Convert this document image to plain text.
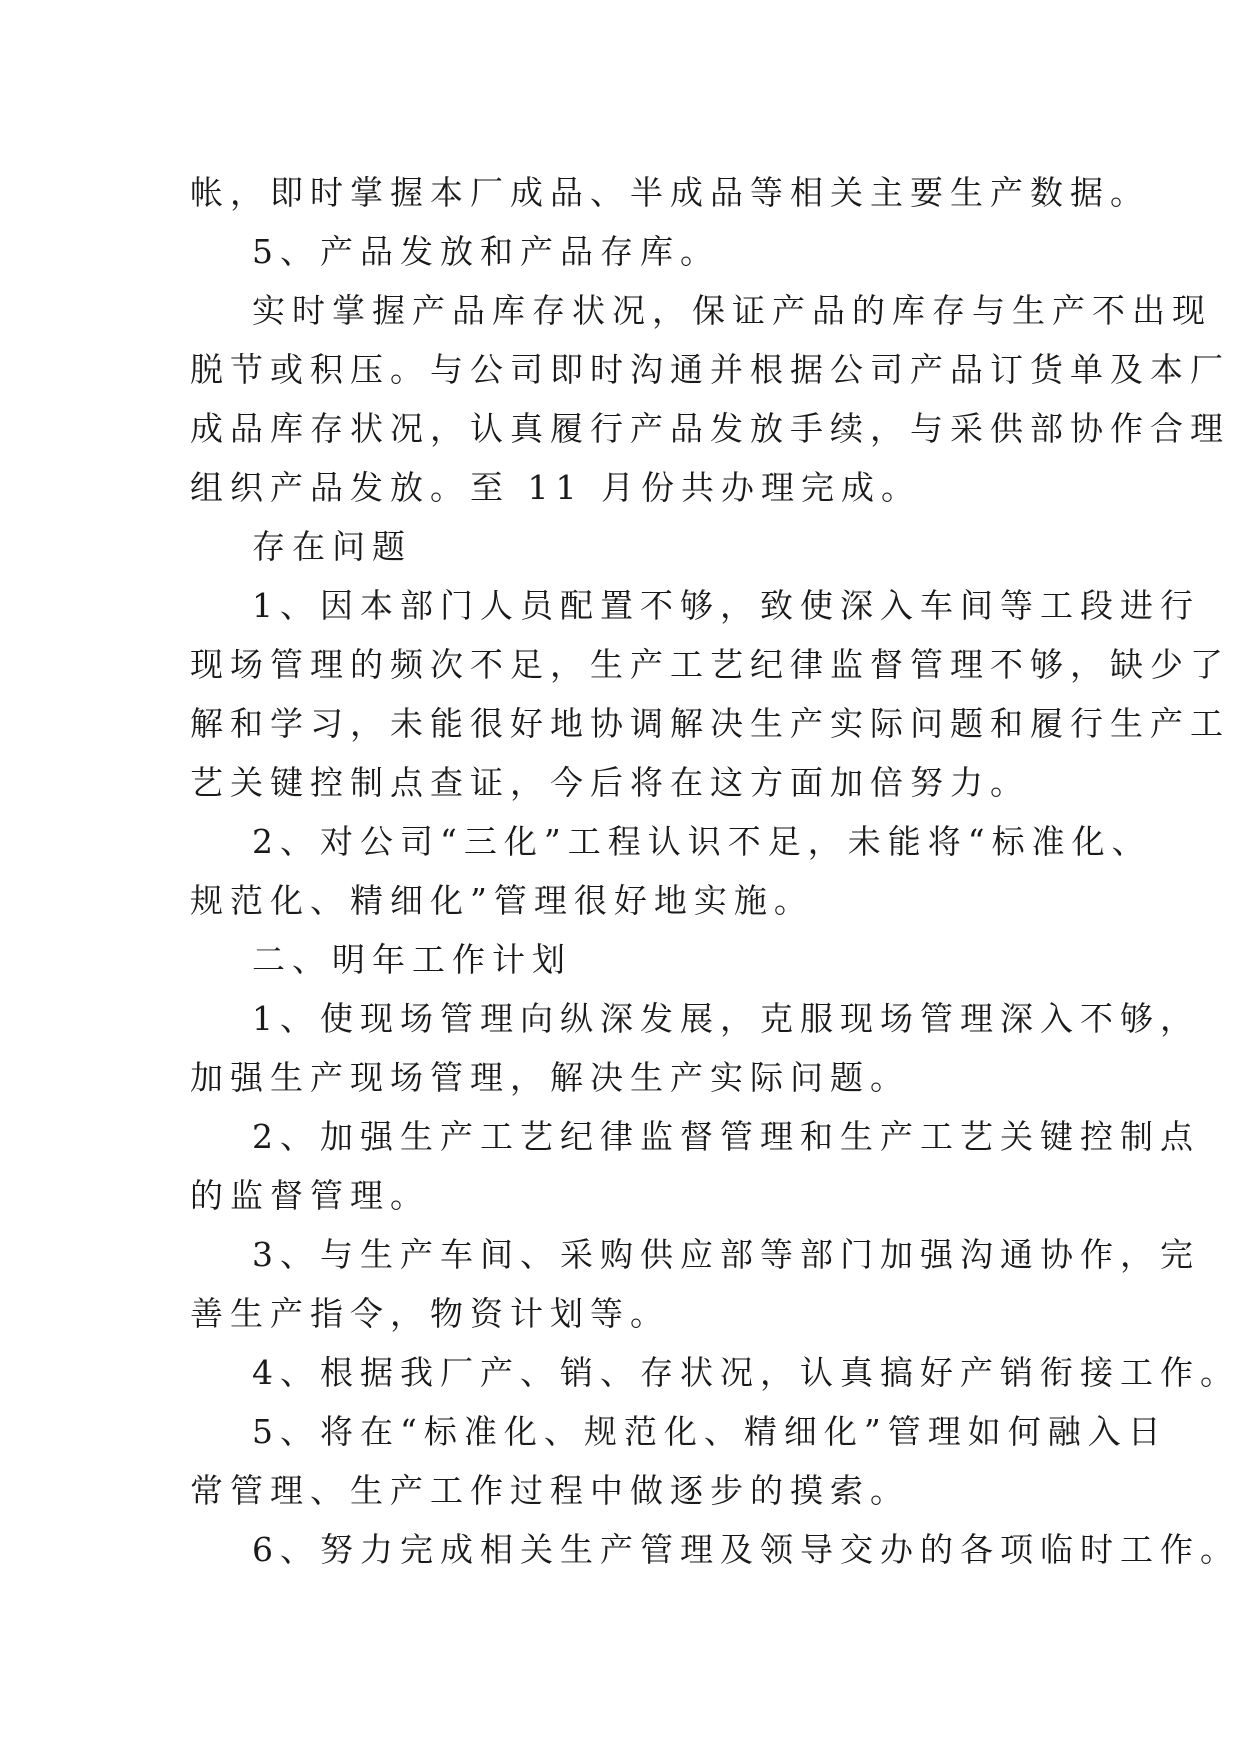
帐，即时掌握本厂成品、半成品等相关主要生产数据。
5、产品发放和产品存库。
实时掌握产品库存状况，保证产品的库存与生产不出现
脱节或积压。与公司即时沟通并根据公司产品订货单及本厂
成品库存状况，认真履行产品发放手续，与采供部协作合理
组织产品发放。至 11 月份共办理完成。
存在问题
1、因本部门人员配置不够，致使深入车间等工段进行
现场管理的频次不足，生产工艺纪律监督管理不够，缺少了
解和学习，未能很好地协调解决生产实际问题和履行生产工
艺关键控制点查证，今后将在这方面加倍努力。
2、对公司“三化”工程认识不足，未能将“标准化、
规范化、精细化”管理很好地实施。
二、明年工作计划
1、使现场管理向纵深发展，克服现场管理深入不够，
加强生产现场管理，解决生产实际问题。
2、加强生产工艺纪律监督管理和生产工艺关键控制点
的监督管理。
3、与生产车间、采购供应部等部门加强沟通协作，完
善生产指令，物资计划等。
4、根据我厂产、销、存状况，认真搞好产销衔接工作。
5、将在“标准化、规范化、精细化”管理如何融入日
常管理、生产工作过程中做逐步的摸索。
6、努力完成相关生产管理及领导交办的各项临时工作。
